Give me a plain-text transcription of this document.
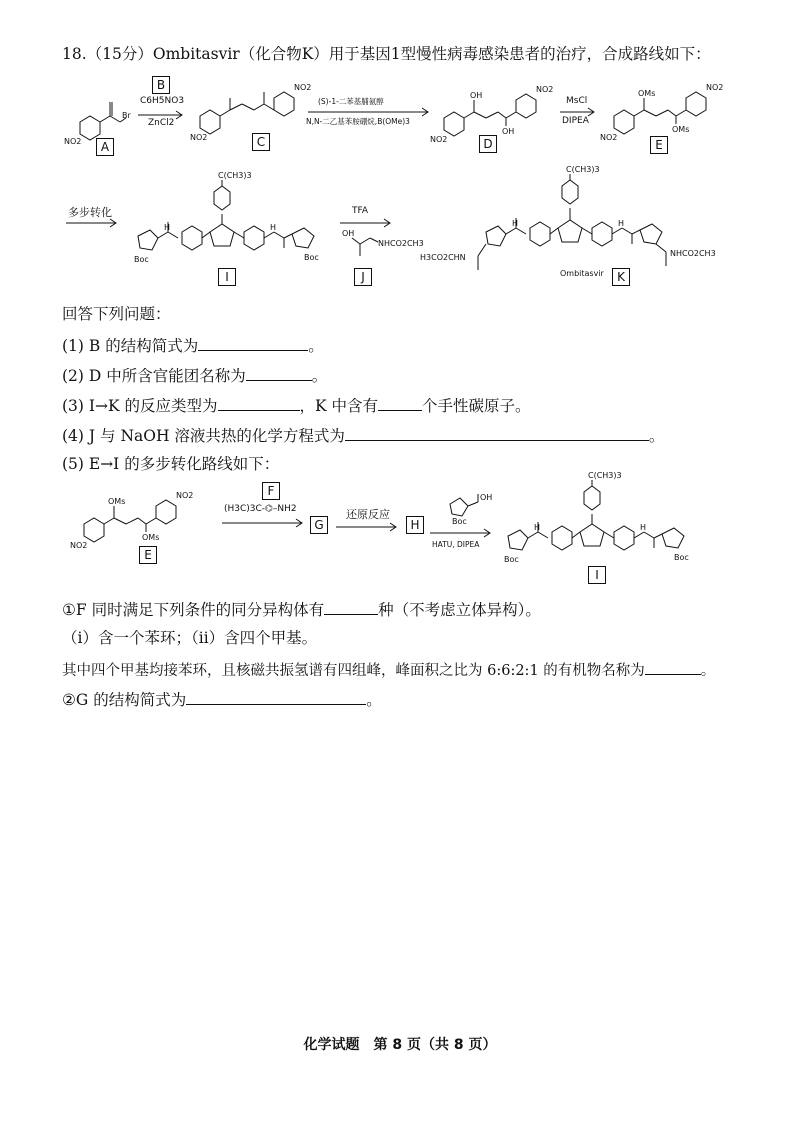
18.（15分）Ombitasvir（化合物K）用于基因1型慢性病毒感染患者的治疗，合成路线如下：
NO2
Br
A
B
C6H5NO3
ZnCl2
NO2
NO2
C
(S)-1-二苯基脯氨醇
N,N-二乙基苯胺硼烷,B(OMe)3
NO2
OH
OH
NO2
D
MsCl
DIPEA
NO2
OMs
OMs
NO2
E
多步转化
Boc
H
C(CH3)3
H
Boc
I
TFA
OH
NHCO2CH3
J
H3CO2CHN
H
C(CH3)3
H
NHCO2CH3
Ombitasvir	K
回答下列问题：
(1) B 的结构简式为	。
(2) D 中所含官能团名称为	。
(3) I→K 的反应类型为	，K 中含有	个手性碳原子。
(4) J 与 NaOH 溶液共热的化学方程式为	。
(5) E→I 的多步转化路线如下：
NO2
OMs
OMs
NO2
E
F
(H3C)3C-⌬–NH2
G
还原反应
H
OH
Boc
HATU, DIPEA
Boc
H
C(CH3)3
H
Boc
I
①F 同时满足下列条件的同分异构体有	种（不考虑立体异构）。
（ⅰ）含一个苯环；（ⅱ）含四个甲基。
其中四个甲基均接苯环，且核磁共振氢谱有四组峰，峰面积之比为 6:6:2:1 的有机物名称为	。
②G 的结构简式为	。
化学试题　第 8 页（共 8 页）
